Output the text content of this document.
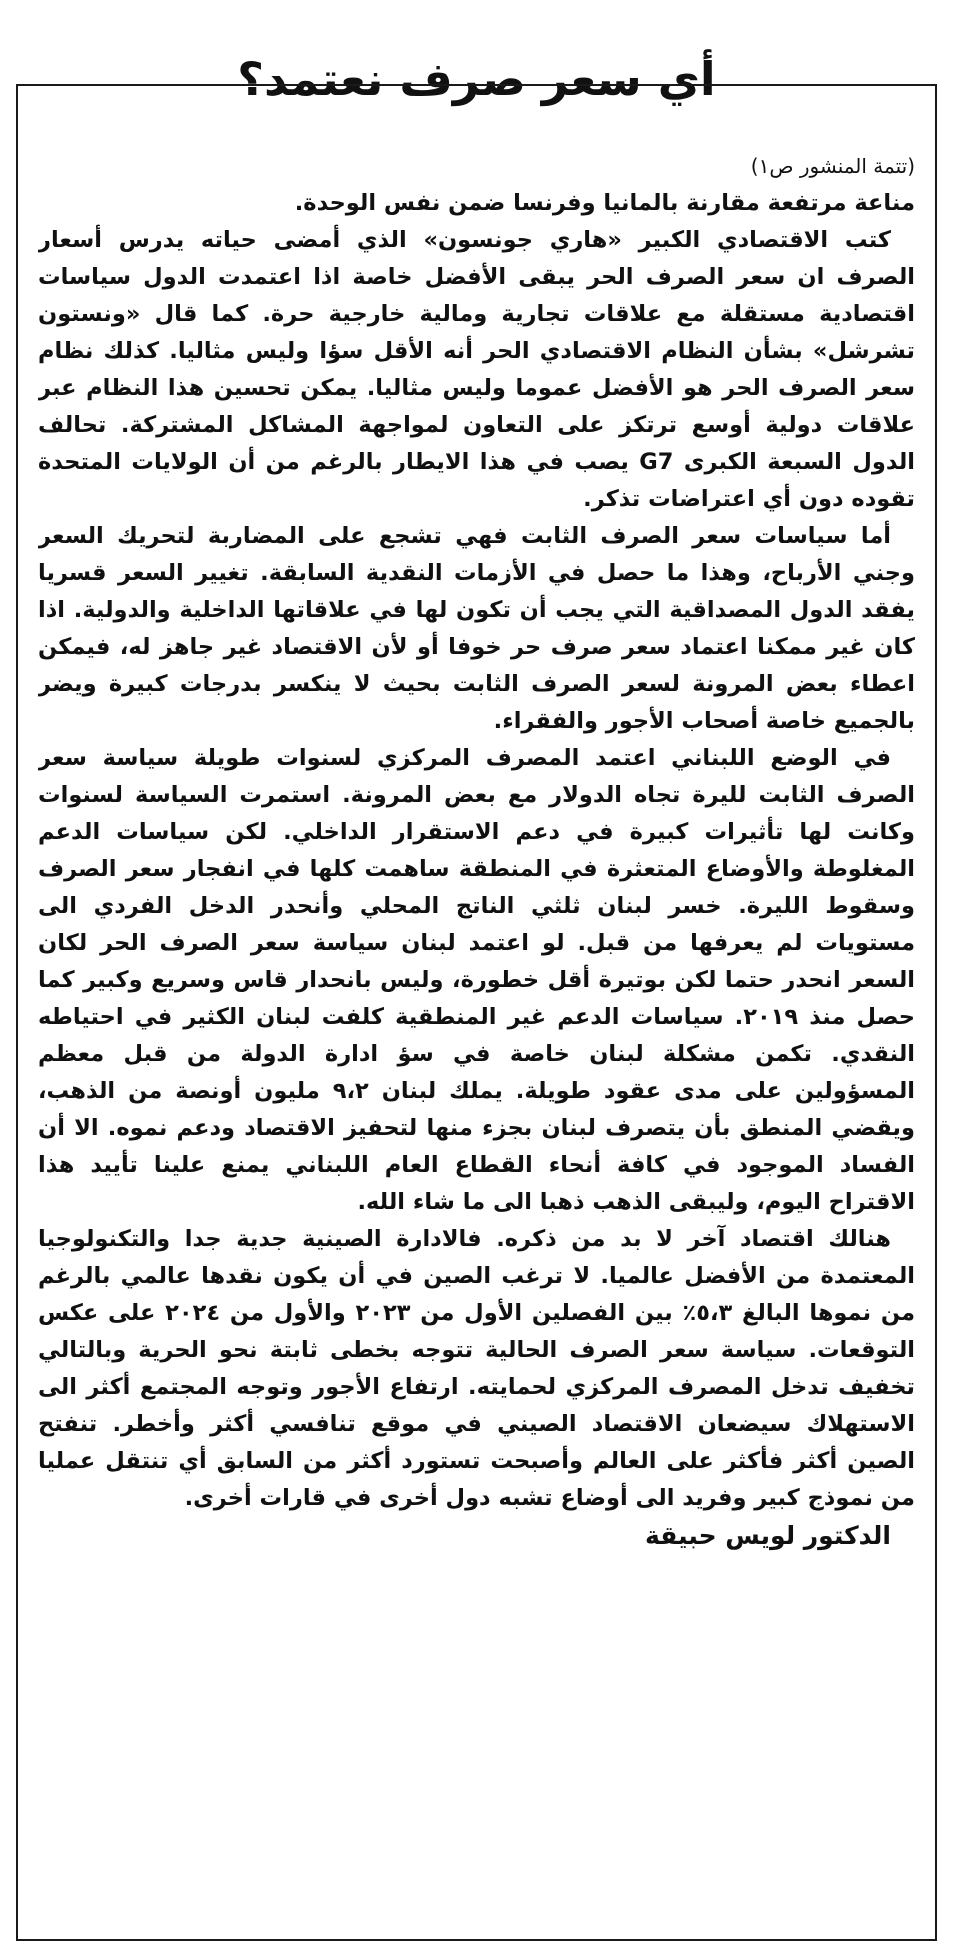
أي سعر صرف نعتمد؟

(تتمة المنشور ص١)

مناعة مرتفعة مقارنة بالمانيا وفرنسا ضمن نفس الوحدة.

كتب الاقتصادي الكبير «هاري جونسون» الذي أمضى حياته يدرس أسعار الصرف ان سعر الصرف الحر يبقى الأفضل خاصة اذا اعتمدت الدول سياسات اقتصادية مستقلة مع علاقات تجارية ومالية خارجية حرة. كما قال «ونستون تشرشل» بشأن النظام الاقتصادي الحر أنه الأقل سؤا وليس مثاليا. كذلك نظام سعر الصرف الحر هو الأفضل عموما وليس مثاليا. يمكن تحسين هذا النظام عبر علاقات دولية أوسع ترتكز على التعاون لمواجهة المشاكل المشتركة. تحالف الدول السبعة الكبرى G7 يصب في هذا الايطار بالرغم من أن الولايات المتحدة تقوده دون أي اعتراضات تذكر.

أما سياسات سعر الصرف الثابت فهي تشجع على المضاربة لتحريك السعر وجني الأرباح، وهذا ما حصل في الأزمات النقدية السابقة. تغيير السعر قسريا يفقد الدول المصداقية التي يجب أن تكون لها في علاقاتها الداخلية والدولية. اذا كان غير ممكنا اعتماد سعر صرف حر خوفا أو لأن الاقتصاد غير جاهز له، فيمكن اعطاء بعض المرونة لسعر الصرف الثابت بحيث لا ينكسر بدرجات كبيرة ويضر بالجميع خاصة أصحاب الأجور والفقراء.

في الوضع اللبناني اعتمد المصرف المركزي لسنوات طويلة سياسة سعر الصرف الثابت لليرة تجاه الدولار مع بعض المرونة. استمرت السياسة لسنوات وكانت لها تأثيرات كبيرة في دعم الاستقرار الداخلي. لكن سياسات الدعم المغلوطة والأوضاع المتعثرة في المنطقة ساهمت كلها في انفجار سعر الصرف وسقوط الليرة. خسر لبنان ثلثي الناتج المحلي وأنحدر الدخل الفردي الى مستويات لم يعرفها من قبل. لو اعتمد لبنان سياسة سعر الصرف الحر لكان السعر انحدر حتما لكن بوتيرة أقل خطورة، وليس بانحدار قاس وسريع وكبير كما حصل منذ ٢٠١٩. سياسات الدعم غير المنطقية كلفت لبنان الكثير في احتياطه النقدي. تكمن مشكلة لبنان خاصة في سؤ ادارة الدولة من قبل معظم المسؤولين على مدى عقود طويلة. يملك لبنان ٩،٢ مليون أونصة من الذهب، ويقضي المنطق بأن يتصرف لبنان بجزء منها لتحفيز الاقتصاد ودعم نموه. الا أن الفساد الموجود في كافة أنحاء القطاع العام اللبناني يمنع علينا تأييد هذا الاقتراح اليوم، وليبقى الذهب ذهبا الى ما شاء الله.

هنالك اقتصاد آخر لا بد من ذكره. فالادارة الصينية جدية جدا والتكنولوجيا المعتمدة من الأفضل عالميا. لا ترغب الصين في أن يكون نقدها عالمي بالرغم من نموها البالغ ٥،٣٪ بين الفصلين الأول من ٢٠٢٣ والأول من ٢٠٢٤ على عكس التوقعات. سياسة سعر الصرف الحالية تتوجه بخطى ثابتة نحو الحرية وبالتالي تخفيف تدخل المصرف المركزي لحمايته. ارتفاع الأجور وتوجه المجتمع أكثر الى الاستهلاك سيضعان الاقتصاد الصيني في موقع تنافسي أكثر وأخطر. تنفتح الصين أكثر فأكثر على العالم وأصبحت تستورد أكثر من السابق أي تنتقل عمليا من نموذج كبير وفريد الى أوضاع تشبه دول أخرى في قارات أخرى.

الدكتور لويس حبيقة
